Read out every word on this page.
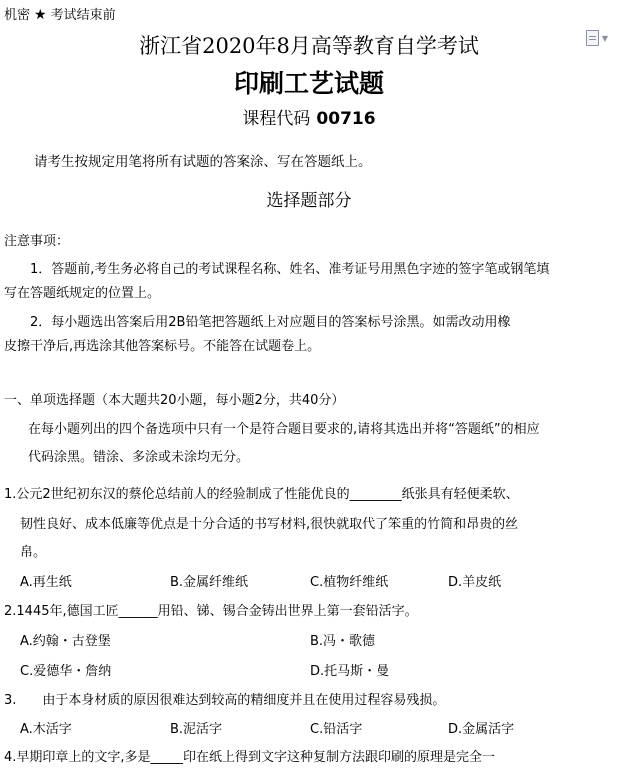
机密 ★ 考试结束前
▼
浙江省2020年8月高等教育自学考试
印刷工艺试题
课程代码 00716
请考生按规定用笔将所有试题的答案涂、写在答题纸上。
选择题部分
注意事项：
1．答题前,考生务必将自己的考试课程名称、姓名、准考证号用黑色字迹的签字笔或钢笔填
写在答题纸规定的位置上。
2．每小题选出答案后用2B铅笔把答题纸上对应题目的答案标号涂黑。如需改动用橡
皮擦干净后,再选涂其他答案标号。不能答在试题卷上。
一、单项选择题（本大题共20小题，每小题2分，共40分）
在每小题列出的四个备选项中只有一个是符合题目要求的,请将其选出并将“答题纸”的相应
代码涂黑。错涂、多涂或未涂均无分。
1.公元2世纪初东汉的蔡伦总结前人的经验制成了性能优良的________纸张具有轻便柔软、
韧性良好、成本低廉等优点是十分合适的书写材料,很快就取代了笨重的竹简和昂贵的丝
帛。
A.再生纸	B.金属纤维纸	C.植物纤维纸	D.羊皮纸
2.1445年,德国工匠______用铅、锑、锡合金铸出世界上第一套铅活字。
A.约翰・古登堡	B.冯・歌德
C.爱德华・詹纳	D.托马斯・曼
3.　　由于本身材质的原因很难达到较高的精细度并且在使用过程容易残损。
A.木活字	B.泥活字	C.铅活字	D.金属活字
4.早期印章上的文字,多是_____印在纸上得到文字这种复制方法跟印刷的原理是完全一
